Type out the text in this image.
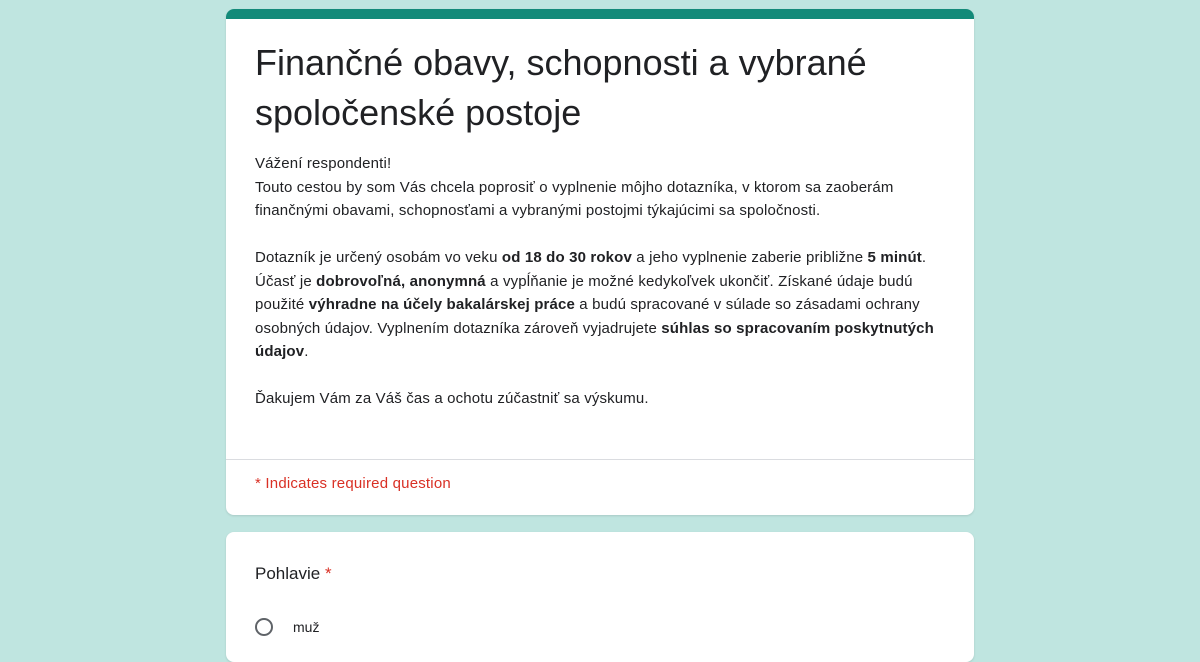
Finančné obavy, schopnosti a vybrané spoločenské postoje

Vážení respondenti!

Touto cestou by som Vás chcela poprosiť o vyplnenie môjho dotazníka, v ktorom sa zaoberám finančnými obavami, schopnosťami a vybranými postojmi týkajúcimi sa spoločnosti.

Dotazník je určený osobám vo veku od 18 do 30 rokov a jeho vyplnenie zaberie približne 5 minút. Účasť je dobrovoľná, anonymná a vypĺňanie je možné kedykoľvek ukončiť. Získané údaje budú použité výhradne na účely bakalárskej práce a budú spracované v súlade so zásadami ochrany osobných údajov. Vyplnením dotazníka zároveň vyjadrujete súhlas so spracovaním poskytnutých údajov.

Ďakujem Vám za Váš čas a ochotu zúčastniť sa výskumu.

* Indicates required question
Pohlavie *
muž
